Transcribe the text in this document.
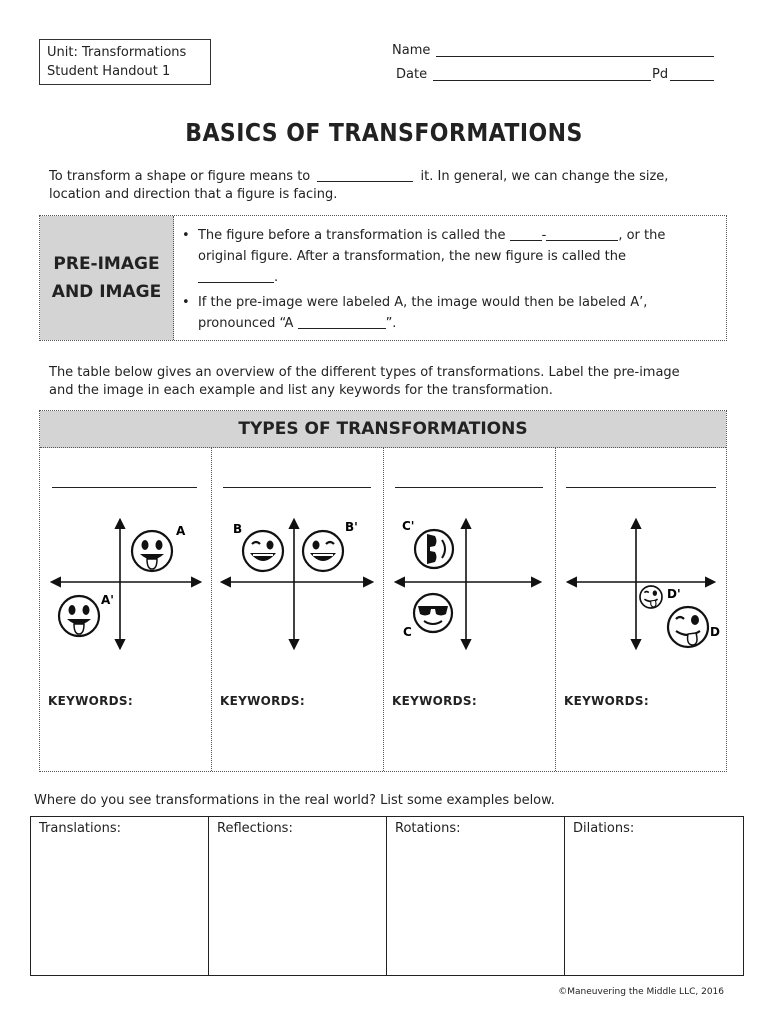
Unit: Transformations
Student Handout 1
Name
Date	Pd
BASICS OF TRANSFORMATIONS
To transform a shape or figure means to	it. In general, we can change the size, location and direction that a figure is facing.
PRE-IMAGE
AND IMAGE
•  The figure before a transformation is called the	-	, or the
original figure. After a transformation, the new figure is called the
.
•  If the pre-image were labeled A, the image would then be labeled A’,
pronounced “A	”.
The table below gives an overview of the different types of transformations. Label the pre-image and the image in each example and list any keywords for the transformation.
TYPES OF TRANSFORMATIONS
KEYWORDS:	KEYWORDS:	KEYWORDS:	KEYWORDS:
A
A'
B	B'	C'
C
D'
D
Where do you see transformations in the real world? List some examples below.
Translations:	Reflections:	Rotations:	Dilations:
©Maneuvering the Middle LLC, 2016
